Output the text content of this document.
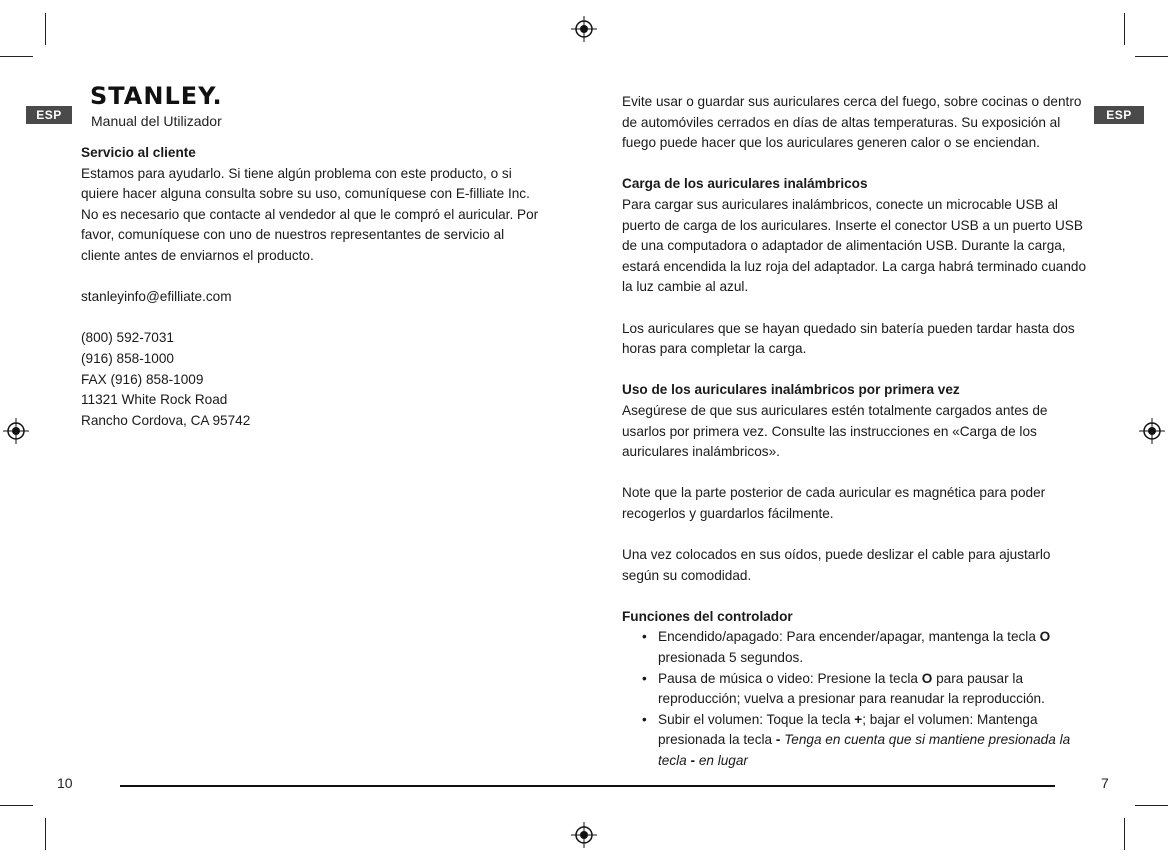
ESP	ESP
STANLEY.
Manual del Utilizador
Servicio al cliente

Estamos para ayudarlo. Si tiene algún problema con este producto, o si quiere hacer alguna consulta sobre su uso, comuníquese con E-filliate Inc. No es necesario que contacte al vendedor al que le compró el auricular. Por favor, comuníquese con uno de nuestros representantes de servicio al cliente antes de enviarnos el producto.

stanleyinfo@efilliate.com

(800) 592-7031
(916) 858-1000
FAX (916) 858-1009
11321 White Rock Road
Rancho Cordova, CA 95742

Evite usar o guardar sus auriculares cerca del fuego, sobre cocinas o dentro de automóviles cerrados en días de altas temperaturas. Su exposición al fuego puede hacer que los auriculares generen calor o se enciendan.

Carga de los auriculares inalámbricos

Para cargar sus auriculares inalámbricos, conecte un microcable USB al puerto de carga de los auriculares. Inserte el conector USB a un puerto USB de una computadora o adaptador de alimentación USB. Durante la carga, estará encendida la luz roja del adaptador. La carga habrá terminado cuando la luz cambie al azul.

Los auriculares que se hayan quedado sin batería pueden tardar hasta dos horas para completar la carga.

Uso de los auriculares inalámbricos por primera vez

Asegúrese de que sus auriculares estén totalmente cargados antes de usarlos por primera vez. Consulte las instrucciones en «Carga de los auriculares inalámbricos».

Note que la parte posterior de cada auricular es magnética para poder recogerlos y guardarlos fácilmente.

Una vez colocados en sus oídos, puede deslizar el cable para ajustarlo según su comodidad.

Funciones del controlador
• Encendido/apagado: Para encender/apagar, mantenga la tecla O presionada 5 segundos.
• Pausa de música o video: Presione la tecla O para pausar la reproducción; vuelva a presionar para reanudar la reproducción.
• Subir el volumen: Toque la tecla +; bajar el volumen: Mantenga presionada la tecla - Tenga en cuenta que si mantiene presionada la tecla - en lugar
10	7
